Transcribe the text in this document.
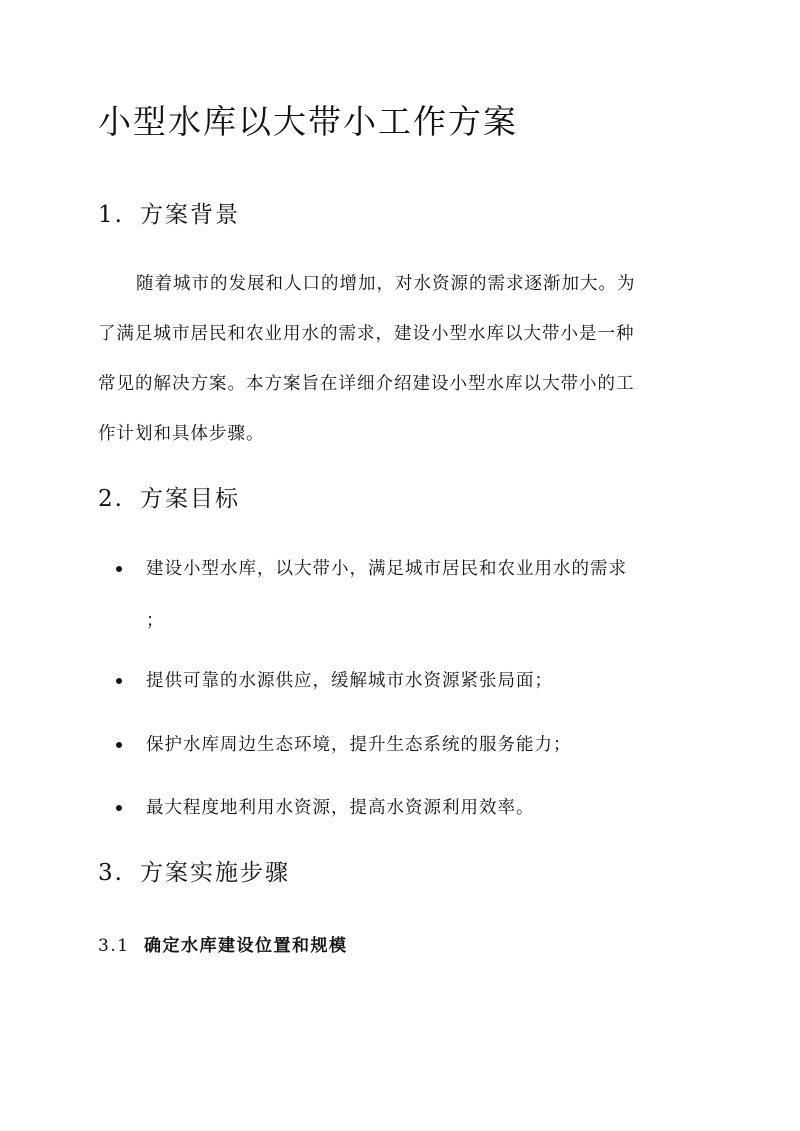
小型水库以大带小工作方案
1. 方案背景

随着城市的发展和人口的增加，对水资源的需求逐渐加大。为

了满足城市居民和农业用水的需求，建设小型水库以大带小是一种

常见的解决方案。本方案旨在详细介绍建设小型水库以大带小的工

作计划和具体步骤。

2. 方案目标

建设小型水库，以大带小，满足城市居民和农业用水的需求

；

提供可靠的水源供应，缓解城市水资源紧张局面；

保护水库周边生态环境，提升生态系统的服务能力；

最大程度地利用水资源，提高水资源利用效率。

3. 方案实施步骤
3.1 确定水库建设位置和规模
